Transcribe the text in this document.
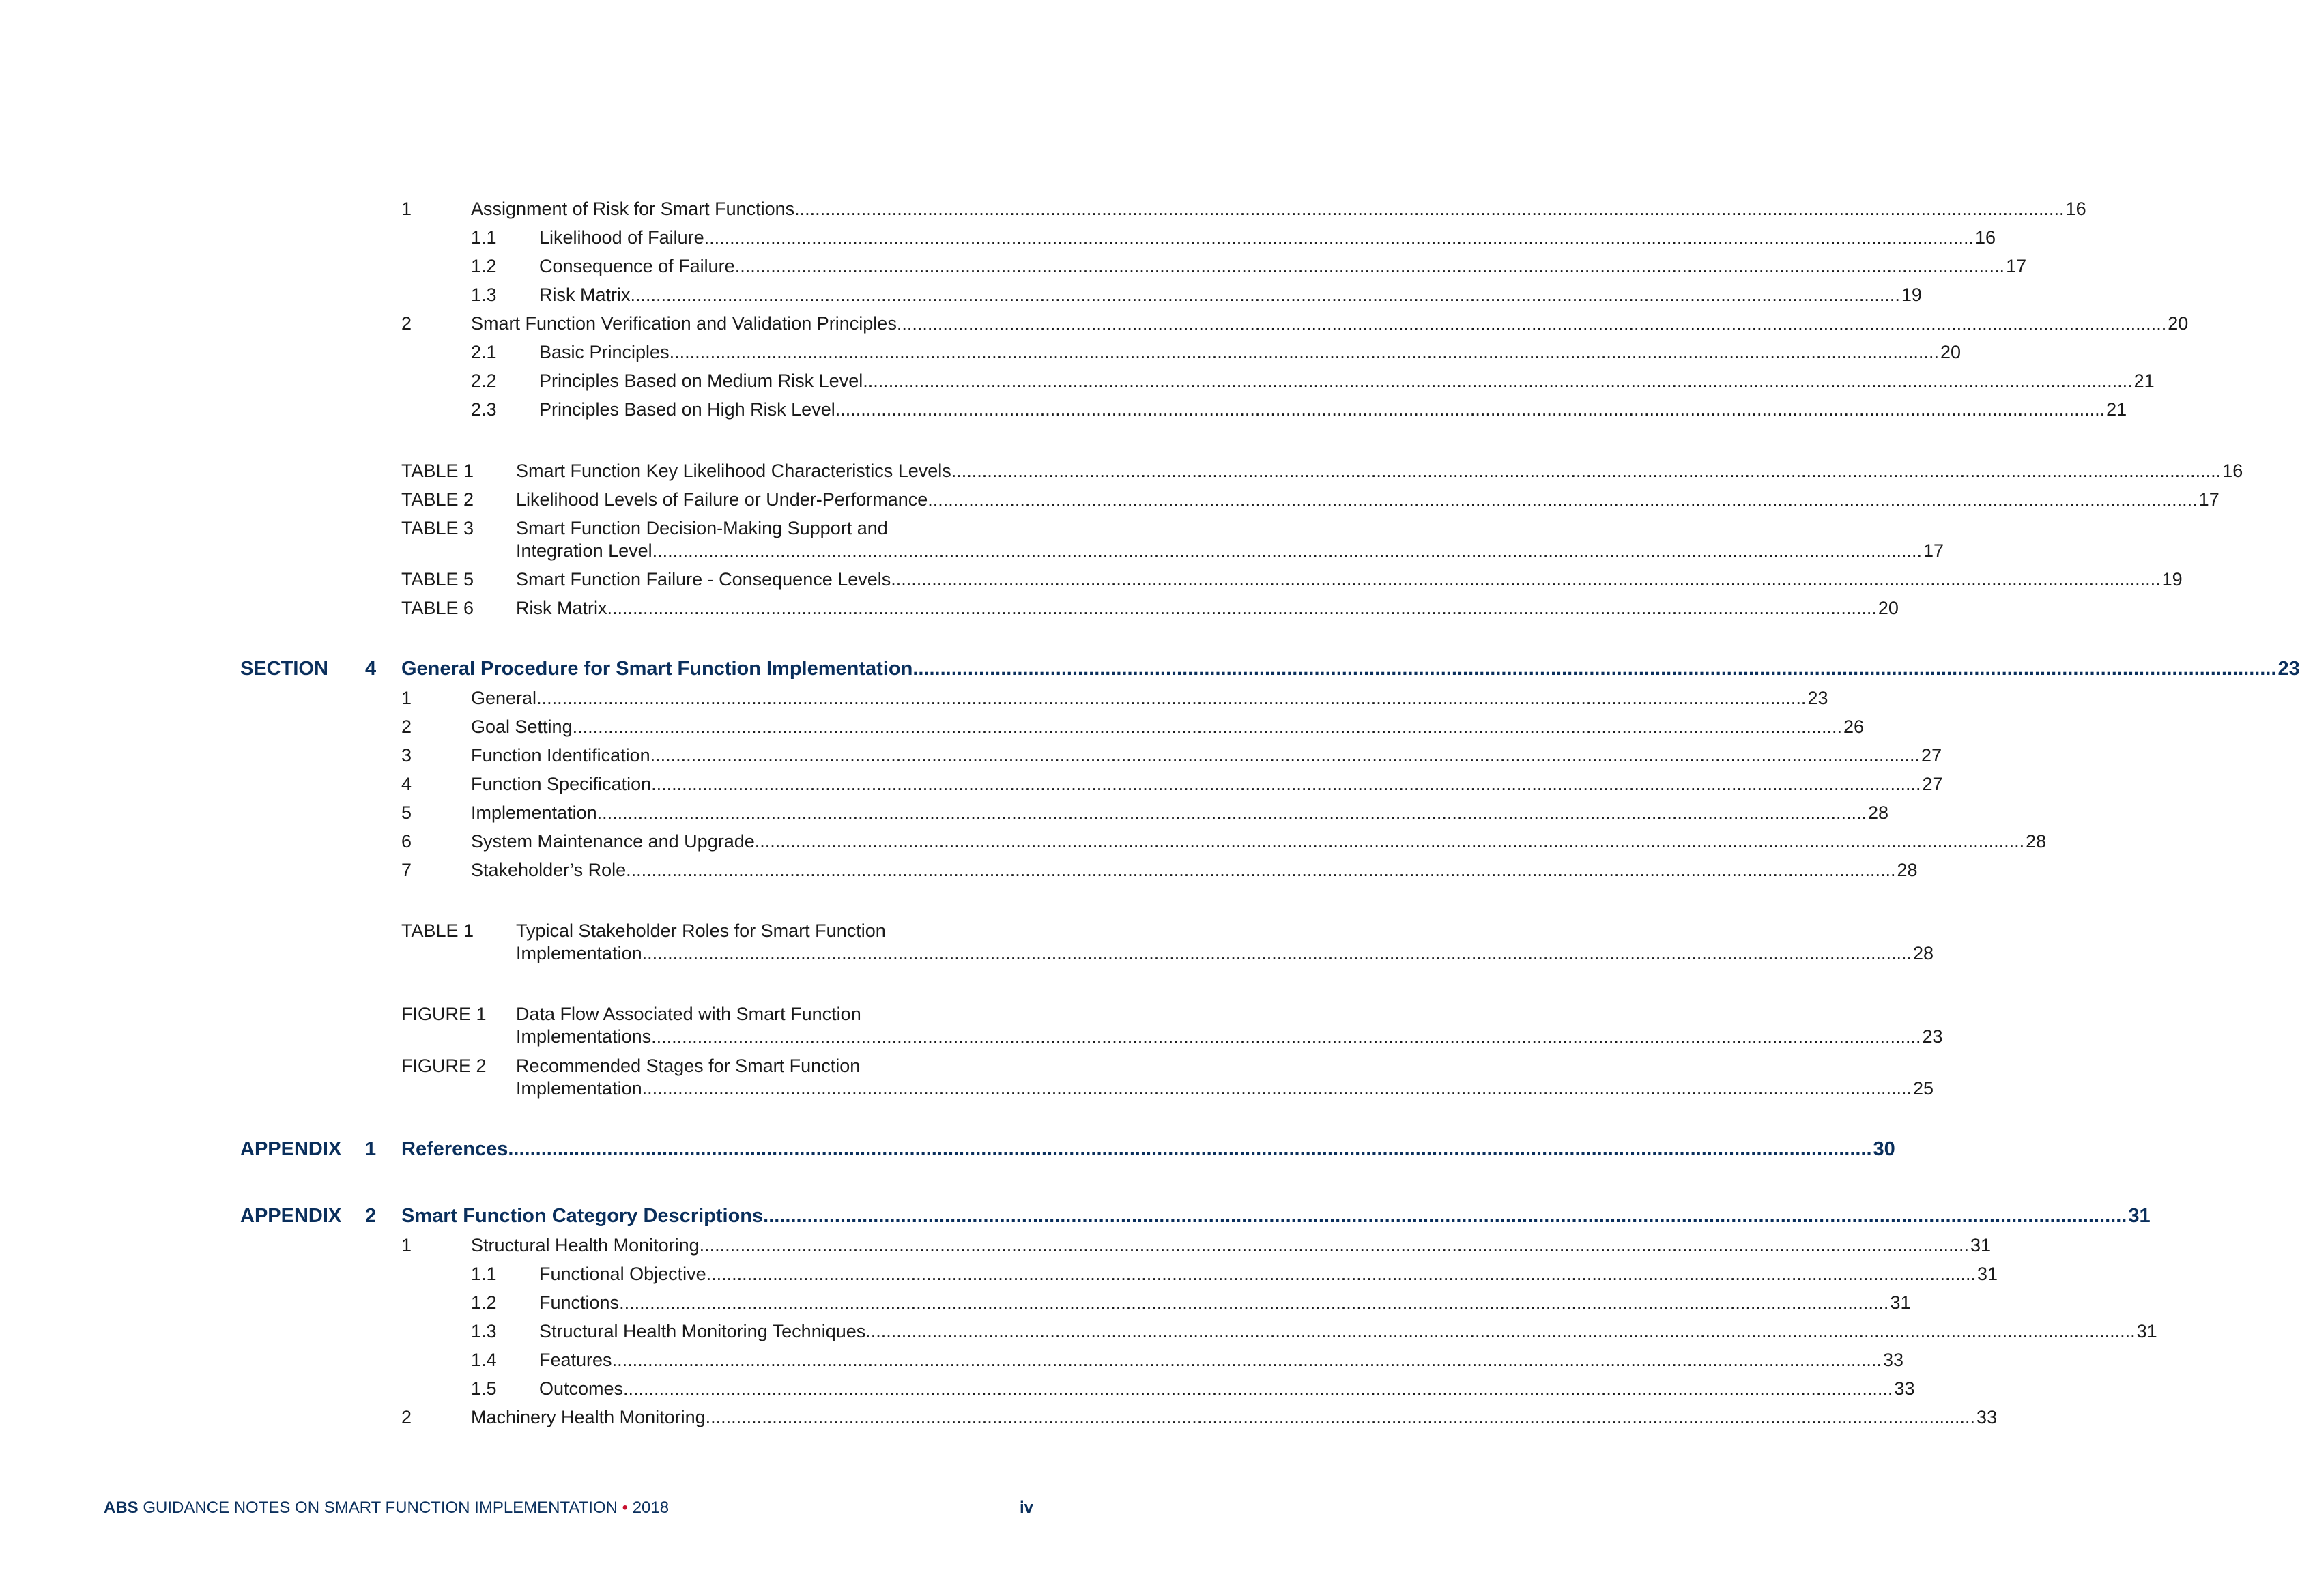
1	Assignment of Risk for Smart Functions .....	16
1.1	Likelihood of Failure .....	16
1.2	Consequence of Failure .....	17
1.3	Risk Matrix .....	19
2	Smart Function Verification and Validation Principles .....	20
2.1	Basic Principles .....	20
2.2	Principles Based on Medium Risk Level .....	21
2.3	Principles Based on High Risk Level .....	21
TABLE 1	Smart Function Key Likelihood Characteristics Levels .....	16
TABLE 2	Likelihood Levels of Failure or Under-Performance .....	17
TABLE 3 Smart Function Decision-Making Support and
Integration Level .....	17
TABLE 5	Smart Function Failure - Consequence Levels .....	19
TABLE 6	Risk Matrix .....	20
SECTION 4 General Procedure for Smart Function Implementation .....	23
1	General .....	23
2	Goal Setting .....	26
3	Function Identification .....	27
4	Function Specification .....	27
5	Implementation .....	28
6	System Maintenance and Upgrade .....	28
7	Stakeholder’s Role .....	28
TABLE 1 Typical Stakeholder Roles for Smart Function
Implementation .....	28
FIGURE 1 Data Flow Associated with Smart Function
Implementations .....	23
FIGURE 2 Recommended Stages for Smart Function
Implementation .....	25
APPENDIX 1 References .....	30
APPENDIX 2 Smart Function Category Descriptions .....	31
1	Structural Health Monitoring .....	31
1.1	Functional Objective .....	31
1.2	Functions .....	31
1.3	Structural Health Monitoring Techniques .....	31
1.4	Features .....	33
1.5	Outcomes .....	33
2	Machinery Health Monitoring .....	33
ABS GUIDANCE NOTES ON SMART FUNCTION IMPLEMENTATION • 2018	iv
